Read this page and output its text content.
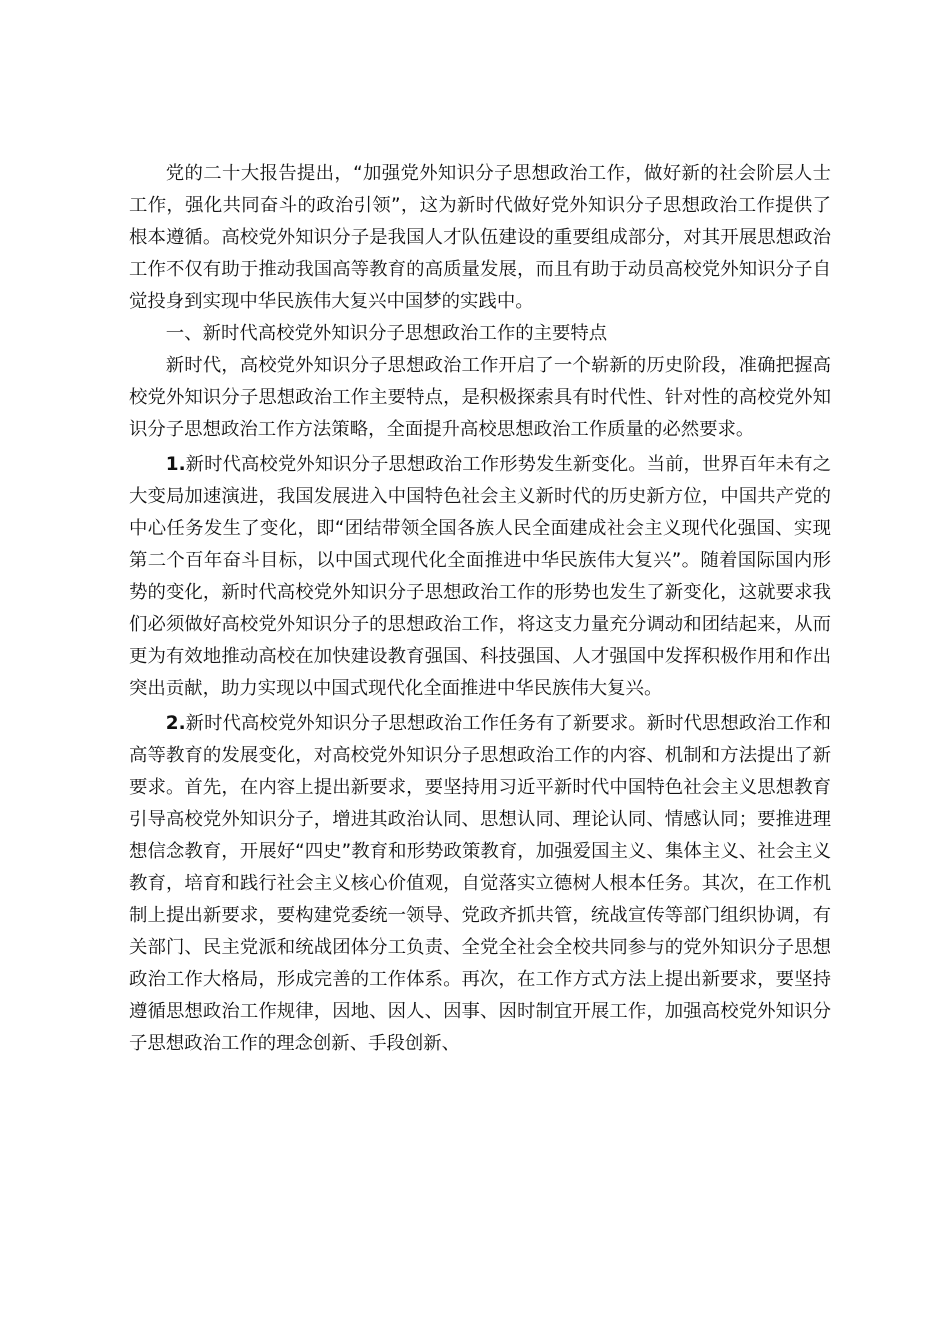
党的二十大报告提出，“加强党外知识分子思想政治工作，做好新的社会阶层人士工作，强化共同奋斗的政治引领”，这为新时代做好党外知识分子思想政治工作提供了根本遵循。高校党外知识分子是我国人才队伍建设的重要组成部分，对其开展思想政治工作不仅有助于推动我国高等教育的高质量发展，而且有助于动员高校党外知识分子自觉投身到实现中华民族伟大复兴中国梦的实践中。

一、新时代高校党外知识分子思想政治工作的主要特点

新时代，高校党外知识分子思想政治工作开启了一个崭新的历史阶段，准确把握高校党外知识分子思想政治工作主要特点，是积极探索具有时代性、针对性的高校党外知识分子思想政治工作方法策略，全面提升高校思想政治工作质量的必然要求。

1.新时代高校党外知识分子思想政治工作形势发生新变化。当前，世界百年未有之大变局加速演进，我国发展进入中国特色社会主义新时代的历史新方位，中国共产党的中心任务发生了变化，即“团结带领全国各族人民全面建成社会主义现代化强国、实现第二个百年奋斗目标，以中国式现代化全面推进中华民族伟大复兴”。随着国际国内形势的变化，新时代高校党外知识分子思想政治工作的形势也发生了新变化，这就要求我们必须做好高校党外知识分子的思想政治工作，将这支力量充分调动和团结起来，从而更为有效地推动高校在加快建设教育强国、科技强国、人才强国中发挥积极作用和作出突出贡献，助力实现以中国式现代化全面推进中华民族伟大复兴。

2.新时代高校党外知识分子思想政治工作任务有了新要求。新时代思想政治工作和高等教育的发展变化，对高校党外知识分子思想政治工作的内容、机制和方法提出了新要求。首先，在内容上提出新要求，要坚持用习近平新时代中国特色社会主义思想教育引导高校党外知识分子，增进其政治认同、思想认同、理论认同、情感认同；要推进理想信念教育，开展好“四史”教育和形势政策教育，加强爱国主义、集体主义、社会主义教育，培育和践行社会主义核心价值观，自觉落实立德树人根本任务。其次，在工作机制上提出新要求，要构建党委统一领导、党政齐抓共管，统战宣传等部门组织协调，有关部门、民主党派和统战团体分工负责、全党全社会全校共同参与的党外知识分子思想政治工作大格局，形成完善的工作体系。再次，在工作方式方法上提出新要求，要坚持遵循思想政治工作规律，因地、因人、因事、因时制宜开展工作，加强高校党外知识分子思想政治工作的理念创新、手段创新、
